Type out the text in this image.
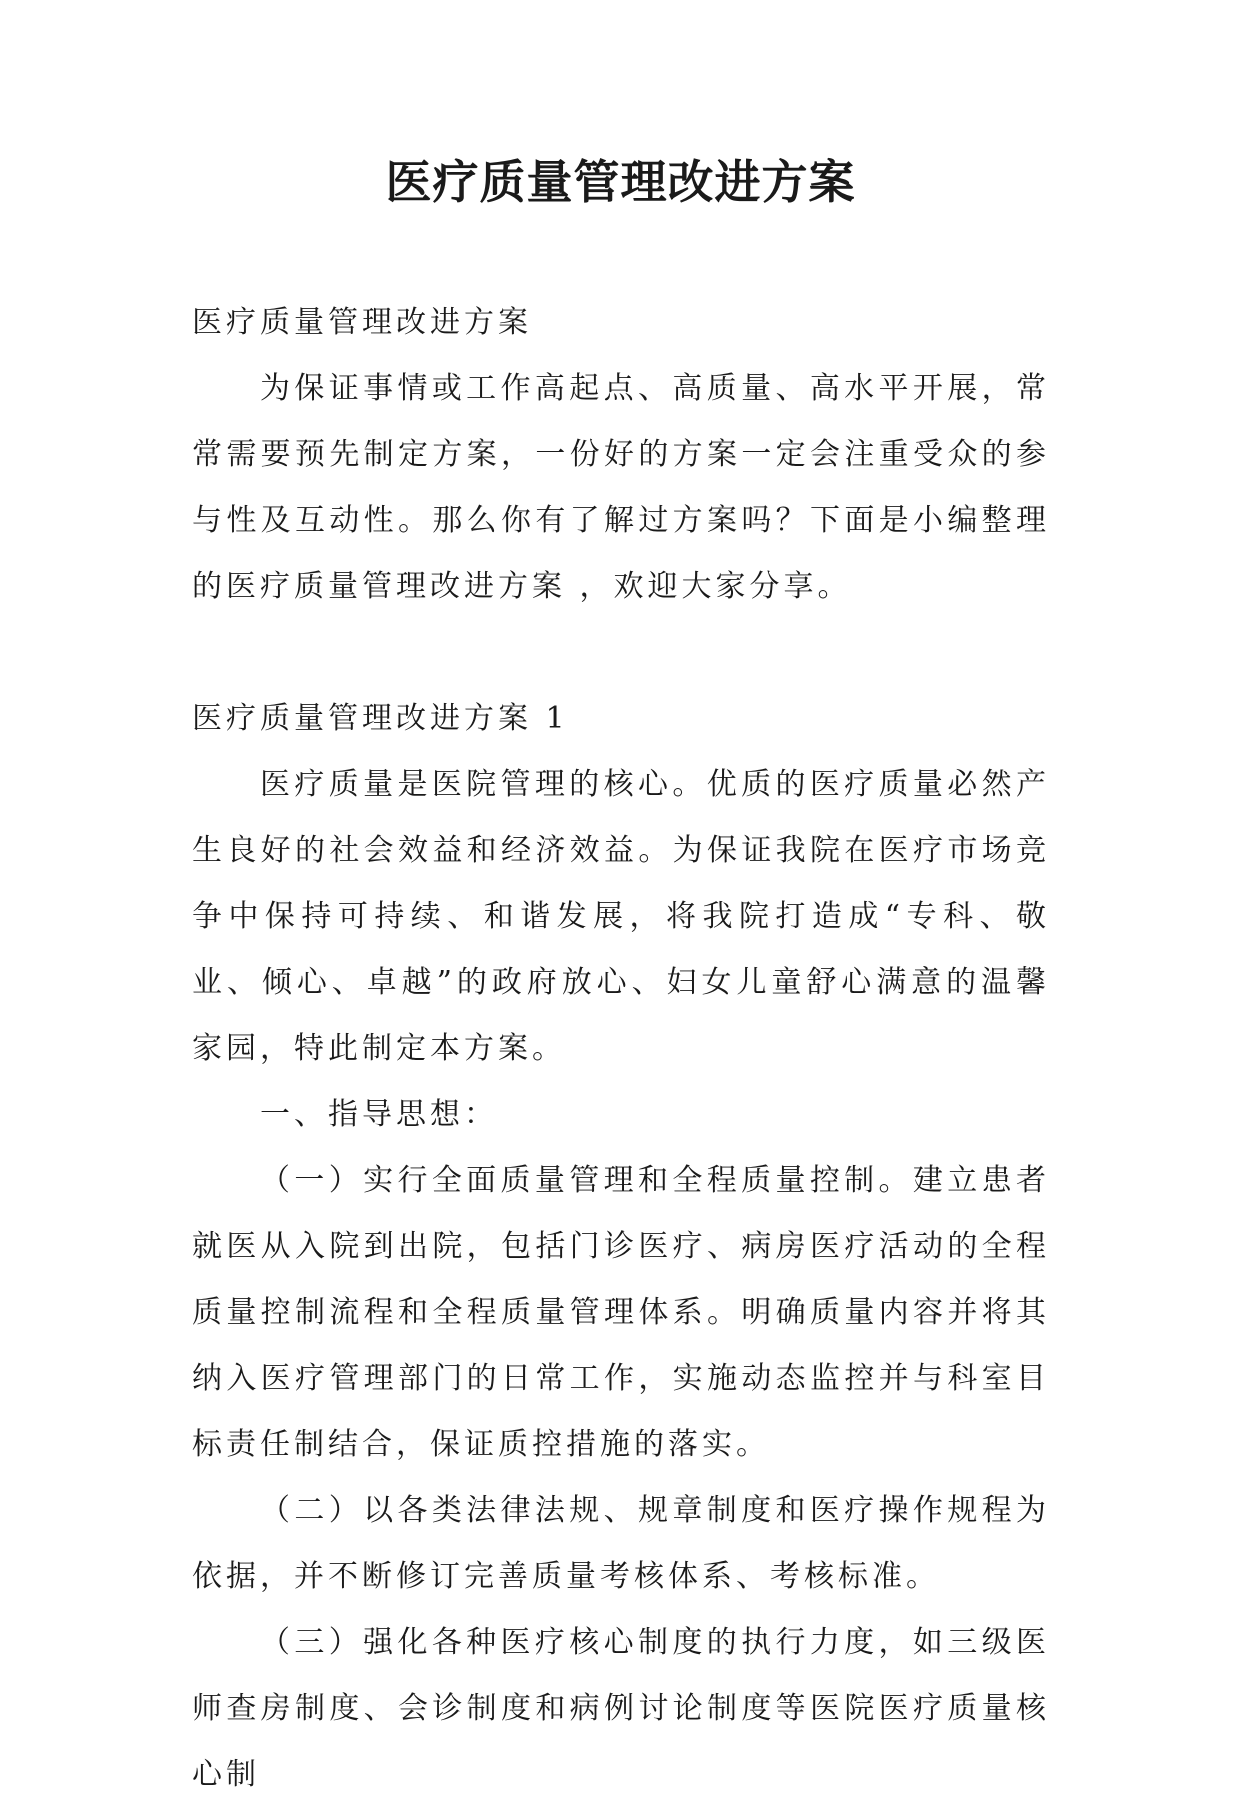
医疗质量管理改进方案

医疗质量管理改进方案

为保证事情或工作高起点、高质量、高水平开展，常常需要预先制定方案，一份好的方案一定会注重受众的参与性及互动性。那么你有了解过方案吗？下面是小编整理的医疗质量管理改进方案 ，欢迎大家分享。

医疗质量管理改进方案 1

医疗质量是医院管理的核心。优质的医疗质量必然产生良好的社会效益和经济效益。为保证我院在医疗市场竞争中保持可持续、和谐发展，将我院打造成“专科、敬业、倾心、卓越”的政府放心、妇女儿童舒心满意的温馨家园，特此制定本方案。

一、指导思想：

（一）实行全面质量管理和全程质量控制。建立患者就医从入院到出院，包括门诊医疗、病房医疗活动的全程质量控制流程和全程质量管理体系。明确质量内容并将其纳入医疗管理部门的日常工作，实施动态监控并与科室目标责任制结合，保证质控措施的落实。

（二）以各类法律法规、规章制度和医疗操作规程为依据，并不断修订完善质量考核体系、考核标准。

（三）强化各种医疗核心制度的执行力度，如三级医师查房制度、会诊制度和病例讨论制度等医院医疗质量核心制
